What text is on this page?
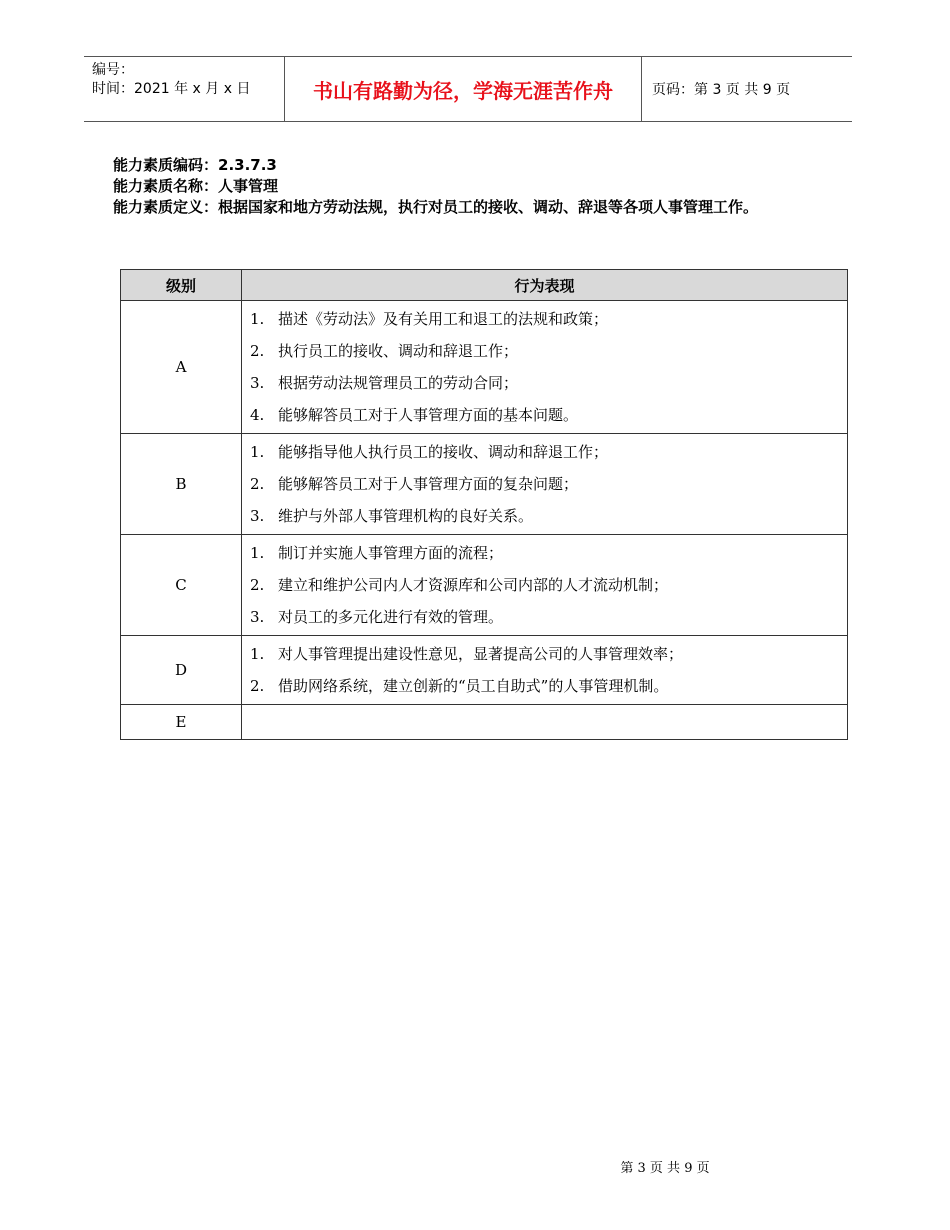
编号：
时间：2021 年 x 月 x 日	书山有路勤为径，学海无涯苦作舟	页码：第 3 页 共 9 页
能力素质编码：2.3.7.3
能力素质名称：人事管理
能力素质定义：根据国家和地方劳动法规，执行对员工的接收、调动、辞退等各项人事管理工作。
级别	行为表现
A	1. 描述《劳动法》及有关用工和退工的法规和政策；
2. 执行员工的接收、调动和辞退工作；
3. 根据劳动法规管理员工的劳动合同；
4. 能够解答员工对于人事管理方面的基本问题。

B	1. 能够指导他人执行员工的接收、调动和辞退工作；
2. 能够解答员工对于人事管理方面的复杂问题；
3. 维护与外部人事管理机构的良好关系。

C	1. 制订并实施人事管理方面的流程；
2. 建立和维护公司内人才资源库和公司内部的人才流动机制；
3. 对员工的多元化进行有效的管理。

D	1. 对人事管理提出建设性意见，显著提高公司的人事管理效率；
2. 借助网络系统，建立创新的“员工自助式”的人事管理机制。

E	
第 3 页 共 9 页
